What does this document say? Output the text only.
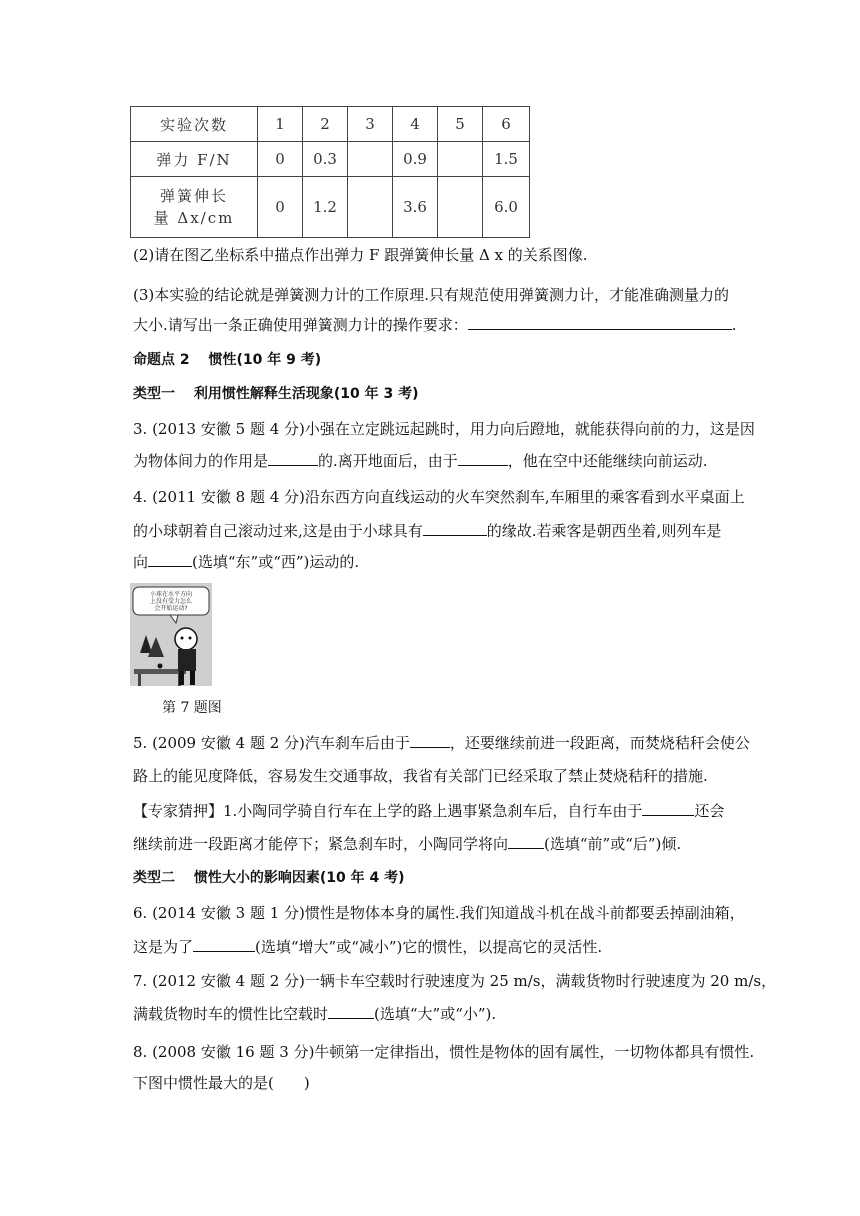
实验次数	1	2	3	4	5	6
弹力 F/N	0	0.3		0.9		1.5

弹簧伸长
量 Δx/cm	0	1.2		3.6		6.0
(2)请在图乙坐标系中描点作出弹力 F 跟弹簧伸长量 Δ x 的关系图像.
(3)本实验的结论就是弹簧测力计的工作原理.只有规范使用弹簧测力计，才能准确测量力的
大小.请写出一条正确使用弹簧测力计的操作要求：	.
命题点 2　 惯性(10 年 9 考)
类型一　 利用惯性解释生活现象(10 年 3 考)
3. (2013 安徽 5 题 4 分)小强在立定跳远起跳时，用力向后蹬地，就能获得向前的力，这是因
为物体间力的作用是	的.离开地面后，由于	，他在空中还能继续向前运动.
4. (2011 安徽 8 题 4 分)沿东西方向直线运动的火车突然刹车,车厢里的乘客看到水平桌面上
的小球朝着自己滚动过来,这是由于小球具有	的缘故.若乘客是朝西坐着,则列车是
向	(选填“东”或“西”)运动的.
小球在水平方向上没有受力怎么会开始运动?
第 7 题图
5. (2009 安徽 4 题 2 分)汽车刹车后由于	，还要继续前进一段距离，而焚烧秸秆会使公
路上的能见度降低，容易发生交通事故，我省有关部门已经采取了禁止焚烧秸秆的措施.
【专家猜押】1.小陶同学骑自行车在上学的路上遇事紧急刹车后，自行车由于	还会
继续前进一段距离才能停下；紧急刹车时，小陶同学将向 (选填“前”或“后”)倾.
类型二　 惯性大小的影响因素(10 年 4 考)
6. (2014 安徽 3 题 1 分)惯性是物体本身的属性.我们知道战斗机在战斗前都要丢掉副油箱，
这是为了	(选填“增大”或“减小”)它的惯性，以提高它的灵活性.
7. (2012 安徽 4 题 2 分)一辆卡车空载时行驶速度为 25 m/s，满载货物时行驶速度为 20 m/s，
满载货物时车的惯性比空载时	(选填“大”或“小”).
8. (2008 安徽 16 题 3 分)牛顿第一定律指出，惯性是物体的固有属性，一切物体都具有惯性.
下图中惯性最大的是(　　)
